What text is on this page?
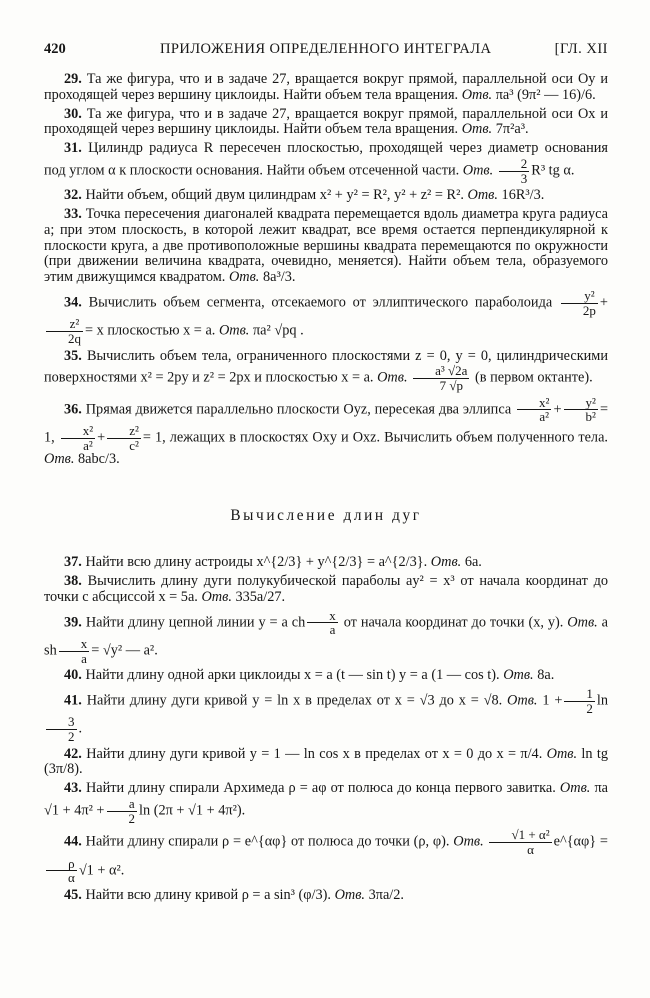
420	ПРИЛОЖЕНИЯ ОПРЕДЕЛЕННОГО ИНТЕГРАЛА	[ГЛ. XII

29. Та же фигура, что и в задаче 27, вращается вокруг прямой, параллельной оси Oy и проходящей через вершину циклоиды. Найти объем тела вращения. Отв. πa³ (9π² — 16)/6.

30. Та же фигура, что и в задаче 27, вращается вокруг прямой, параллельной оси Ox и проходящей через вершину циклоиды. Найти объем тела вращения. Отв. 7π²a³.

31. Цилиндр радиуса R пересечен плоскостью, проходящей через диаметр основания под углом α к плоскости основания. Найти объем отсеченной части. Отв. $\frac{2}{3} R^3$ tg α.

32. Найти объем, общий двум цилиндрам x² + y² = R², y² + z² = R². Отв. 16R³/3.

33. Точка пересечения диагоналей квадрата перемещается вдоль диаметра круга радиуса a; при этом плоскость, в которой лежит квадрат, все время остается перпендикулярной к плоскости круга, а две противоположные вершины квадрата перемещаются по окружности (при движении величина квадрата, очевидно, меняется). Найти объем тела, образуемого этим движущимся квадратом. Отв. 8a³/3.

34. Вычислить объем сегмента, отсекаемого от эллиптического параболоида $\frac{\text{y²}}{2p}$ +
$\frac{\text{z²}}{2q} = x$ плоскостью x = a. Отв. πa² √pq .

35. Вычислить объем тела, ограниченного плоскостями z = 0, y = 0, цилиндрическими поверхностями x² = 2py и z² = 2px и плоскостью x = a. Отв. $\frac{\text{a³ √2a}}{7 √p} (в$ первом октанте).

36. Прямая движется параллельно плоскости Oyz, пересекая два эллипса $\frac{\text{x²}}{\text{a²}} + \frac{\text{y²}}{\text{b²}} = 1$, $\frac{\text{x²}}{\text{a²}} + \frac{\text{z²}}{\text{c²}} = 1$, лежащих в плоскостях Oxy и Oxz. Вычислить объем полученного тела. Отв. 8abc/3.

Вычисление длин дуг

37. Найти всю длину астроиды x^{2/3} + y^{2/3} = a^{2/3}. Отв. 6a.

38. Вычислить длину дуги полукубической параболы ay² = x³ от начала координат до точки с абсциссой x = 5a. Отв. 335a/27.

39. Найти длину цепной линии y = a ch $\frac{x}{a}$ от начала координат до точки (x, y). Отв. a sh $\frac{x}{a} = √y^2$ — a².

40. Найти длину одной арки циклоиды x = a (t — sin t) y = a (1 — cos t). Отв. 8a.

41. Найти длину дуги кривой y = ln x в пределах от x = √3 до x = √8. Отв. $1 + \frac{1}{2}$ ln
$\frac{3}{2}$ .

42. Найти длину дуги кривой y = 1 — ln cos x в пределах от x = 0 до x = π/4. Отв. ln tg (3π/8).

43. Найти длину спирали Архимеда ρ = aφ от полюса до конца первого завитка. Отв. πa $√1 + 4\pi^2 + \frac{a}{2}$ ln (2π + √1 + 4π²).

44. Найти длину спирали ρ = e^{αφ} от полюса до точки (ρ, φ). Отв. $\frac{\text{√1 + α²}}{\alpha}$ e^{αφ} =
$\frac{\rho}{\alpha} √1 + \alpha^2$.

45. Найти всю длину кривой ρ = a sin³ (φ/3). Отв. 3πa/2.
